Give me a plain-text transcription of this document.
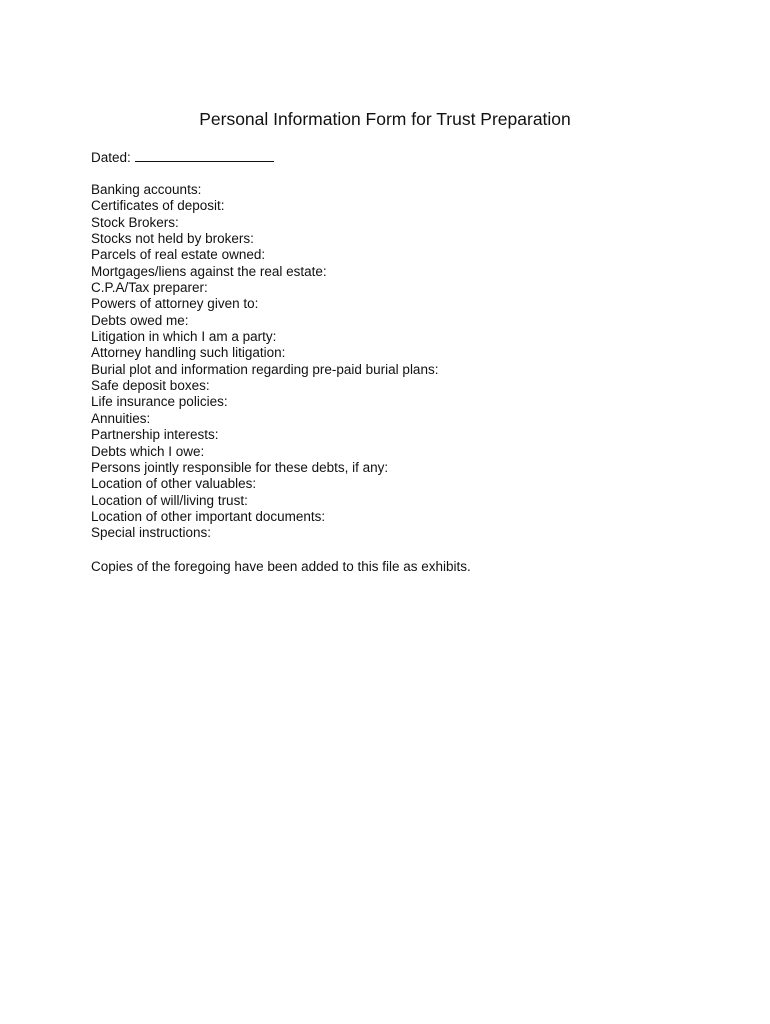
Personal Information Form for Trust Preparation
Dated:
Banking accounts:
Certificates of deposit:
Stock Brokers:
Stocks not held by brokers:
Parcels of real estate owned:
Mortgages/liens against the real estate:
C.P.A/Tax preparer:
Powers of attorney given to:
Debts owed me:
Litigation in which I am a party:
Attorney handling such litigation:
Burial plot and information regarding pre-paid burial plans:
Safe deposit boxes:
Life insurance policies:
Annuities:
Partnership interests:
Debts which I owe:
Persons jointly responsible for these debts, if any:
Location of other valuables:
Location of will/living trust:
Location of other important documents:
Special instructions:
Copies of the foregoing have been added to this file as exhibits.
